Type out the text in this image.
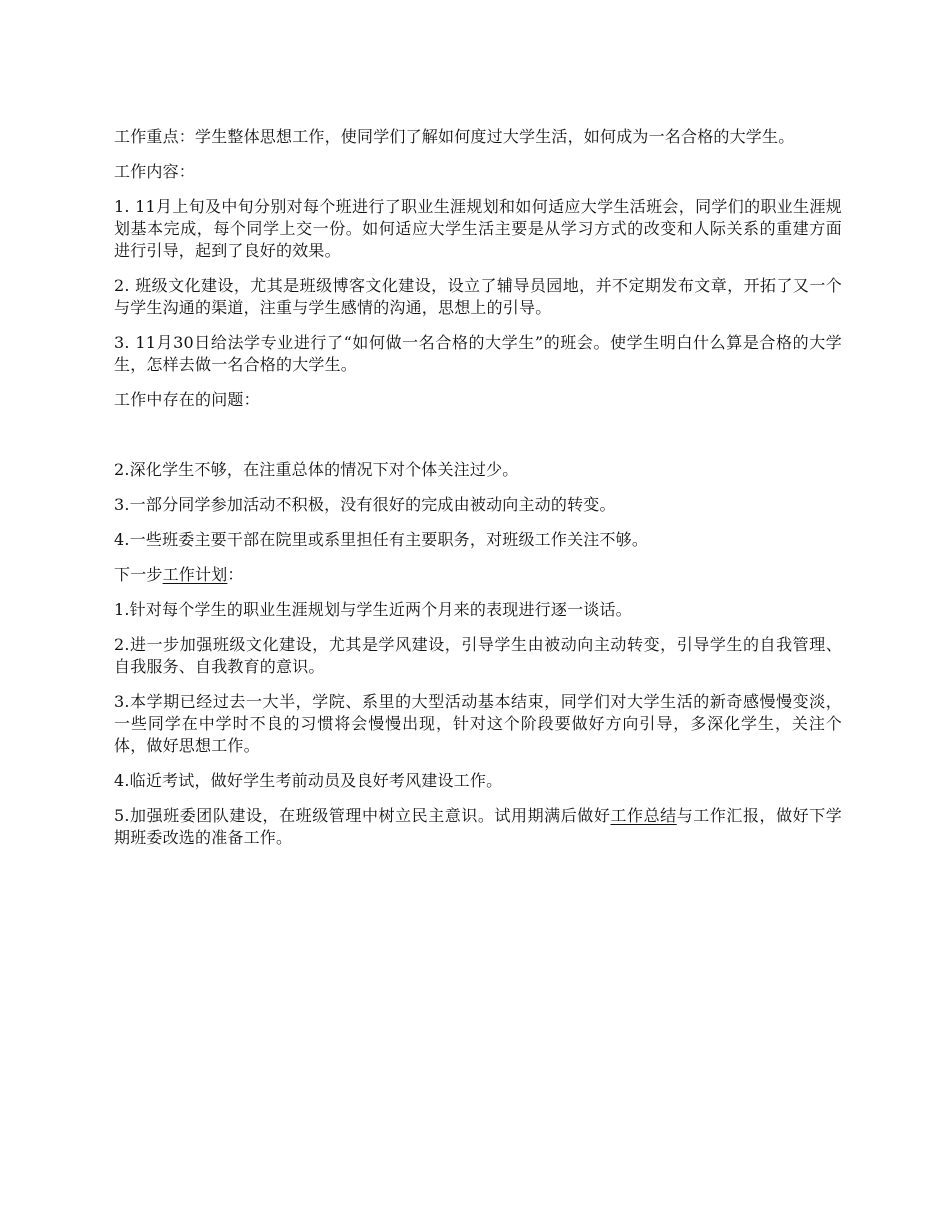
工作重点：学生整体思想工作，使同学们了解如何度过大学生活，如何成为一名合格的大学生。

工作内容：

1. 11月上旬及中旬分别对每个班进行了职业生涯规划和如何适应大学生活班会，同学们的职业生涯规划基本完成，每个同学上交一份。如何适应大学生活主要是从学习方式的改变和人际关系的重建方面进行引导，起到了良好的效果。

2. 班级文化建设，尤其是班级博客文化建设，设立了辅导员园地，并不定期发布文章，开拓了又一个与学生沟通的渠道，注重与学生感情的沟通，思想上的引导。

3. 11月30日给法学专业进行了“如何做一名合格的大学生”的班会。使学生明白什么算是合格的大学生，怎样去做一名合格的大学生。

工作中存在的问题：

2.深化学生不够，在注重总体的情况下对个体关注过少。

3.一部分同学参加活动不积极，没有很好的完成由被动向主动的转变。

4.一些班委主要干部在院里或系里担任有主要职务，对班级工作关注不够。

下一步工作计划：

1.针对每个学生的职业生涯规划与学生近两个月来的表现进行逐一谈话。

2.进一步加强班级文化建设，尤其是学风建设，引导学生由被动向主动转变，引导学生的自我管理、自我服务、自我教育的意识。

3.本学期已经过去一大半，学院、系里的大型活动基本结束，同学们对大学生活的新奇感慢慢变淡，一些同学在中学时不良的习惯将会慢慢出现，针对这个阶段要做好方向引导，多深化学生，关注个体，做好思想工作。

4.临近考试，做好学生考前动员及良好考风建设工作。

5.加强班委团队建设，在班级管理中树立民主意识。试用期满后做好工作总结与工作汇报，做好下学期班委改选的准备工作。
